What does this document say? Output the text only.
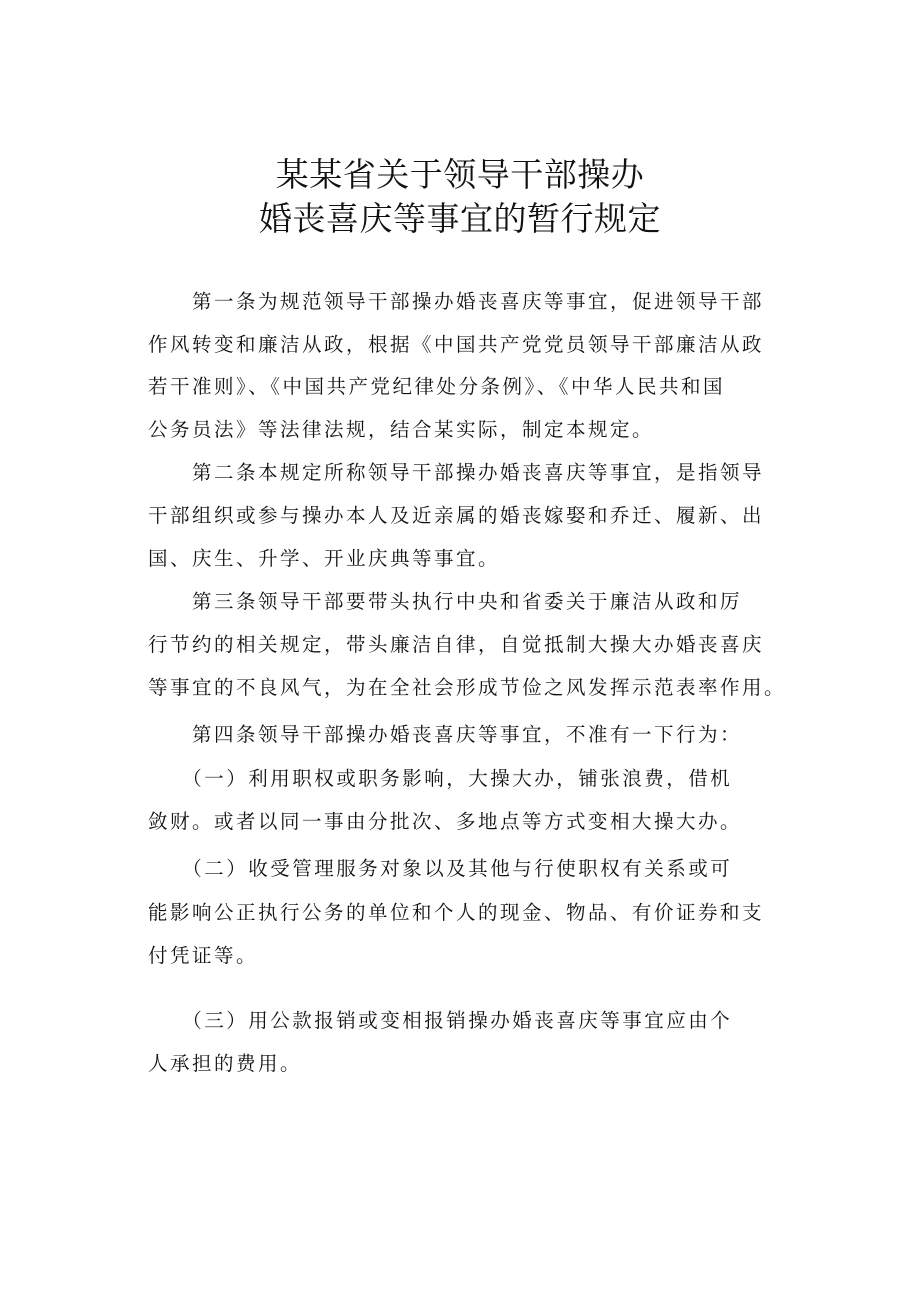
某某省关于领导干部操办
婚丧喜庆等事宜的暂行规定
　　第一条为规范领导干部操办婚丧喜庆等事宜，促进领导干部
作风转变和廉洁从政，根据《中国共产党党员领导干部廉洁从政
若干准则》、《中国共产党纪律处分条例》、《中华人民共和国
公务员法》等法律法规，结合某实际，制定本规定。
　　第二条本规定所称领导干部操办婚丧喜庆等事宜，是指领导
干部组织或参与操办本人及近亲属的婚丧嫁娶和乔迁、履新、出
国、庆生、升学、开业庆典等事宜。
　　第三条领导干部要带头执行中央和省委关于廉洁从政和厉
行节约的相关规定，带头廉洁自律，自觉抵制大操大办婚丧喜庆
等事宜的不良风气，为在全社会形成节俭之风发挥示范表率作用。
　　第四条领导干部操办婚丧喜庆等事宜，不准有一下行为：
　　（一）利用职权或职务影响，大操大办，铺张浪费，借机
敛财。或者以同一事由分批次、多地点等方式变相大操大办。
　　（二）收受管理服务对象以及其他与行使职权有关系或可
能影响公正执行公务的单位和个人的现金、物品、有价证券和支
付凭证等。
　　（三）用公款报销或变相报销操办婚丧喜庆等事宜应由个
人承担的费用。
